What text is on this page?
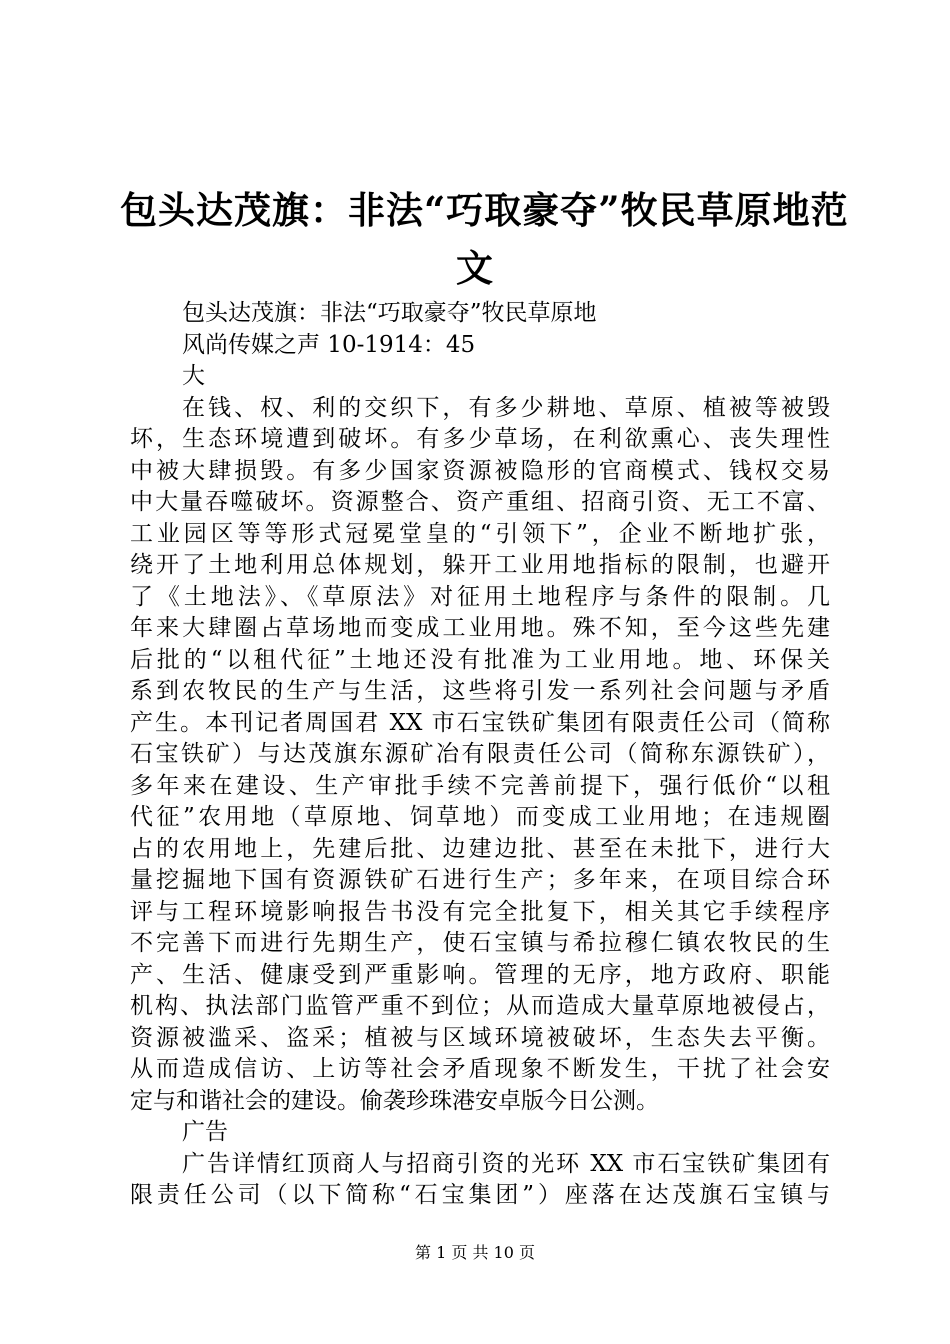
包头达茂旗：非法“巧取豪夺”牧民草原地范
文
包头达茂旗：非法“巧取豪夺”牧民草原地
风尚传媒之声 10-1914：45
大
在钱、权、利的交织下，有多少耕地、草原、植被等被毁
坏，生态环境遭到破坏。有多少草场，在利欲熏心、丧失理性
中被大肆损毁。有多少国家资源被隐形的官商模式、钱权交易
中大量吞噬破坏。资源整合、资产重组、招商引资、无工不富、
工业园区等等形式冠冕堂皇的“引领下”，企业不断地扩张，
绕开了土地利用总体规划，躲开工业用地指标的限制，也避开
了《土地法》、《草原法》对征用土地程序与条件的限制。几
年来大肆圈占草场地而变成工业用地。殊不知，至今这些先建
后批的“以租代征”土地还没有批准为工业用地。地、环保关
系到农牧民的生产与生活，这些将引发一系列社会问题与矛盾
产生。本刊记者周国君 XX 市石宝铁矿集团有限责任公司（简称
石宝铁矿）与达茂旗东源矿冶有限责任公司（简称东源铁矿），
多年来在建设、生产审批手续不完善前提下，强行低价“以租
代征”农用地（草原地、饲草地）而变成工业用地；在违规圈
占的农用地上，先建后批、边建边批、甚至在未批下，进行大
量挖掘地下国有资源铁矿石进行生产；多年来，在项目综合环
评与工程环境影响报告书没有完全批复下，相关其它手续程序
不完善下而进行先期生产，使石宝镇与希拉穆仁镇农牧民的生
产、生活、健康受到严重影响。管理的无序，地方政府、职能
机构、执法部门监管严重不到位；从而造成大量草原地被侵占，
资源被滥采、盗采；植被与区域环境被破坏，生态失去平衡。
从而造成信访、上访等社会矛盾现象不断发生，干扰了社会安
定与和谐社会的建设。偷袭珍珠港安卓版今日公测。
广告
广告详情红顶商人与招商引资的光环 XX 市石宝铁矿集团有
限责任公司（以下简称“石宝集团”）座落在达茂旗石宝镇与
第 1 页 共 10 页
